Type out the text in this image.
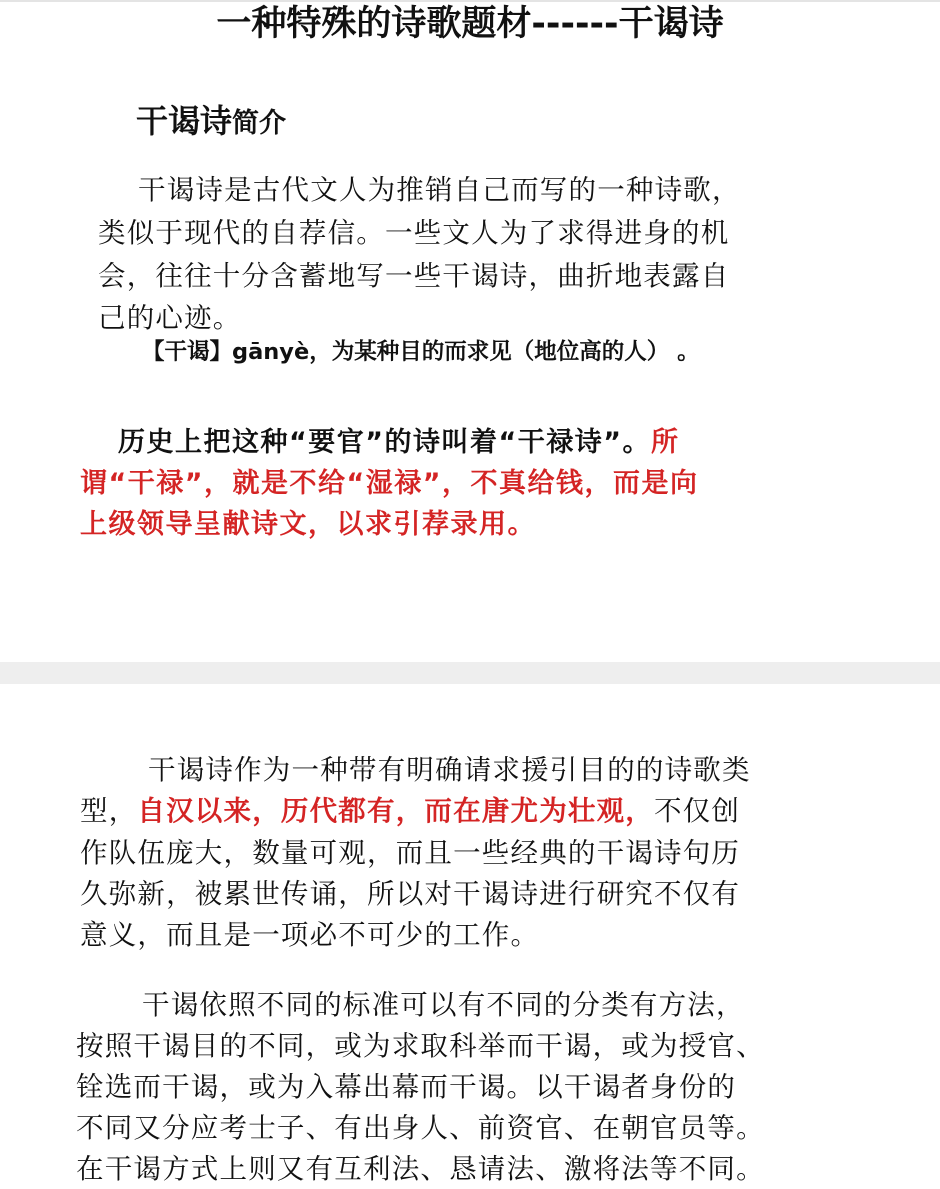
一种特殊的诗歌题材------干谒诗
干谒诗简介
干谒诗是古代文人为推销自己而写的一种诗歌，
类似于现代的自荐信。一些文人为了求得进身的机
会，往往十分含蓄地写一些干谒诗，曲折地表露自
己的心迹。
【干谒】gānyè，为某种目的而求见（地位高的人） 。
历史上把这种“要官”的诗叫着“干禄诗”。所
谓“干禄”，就是不给“湿禄”，不真给钱，而是向
上级领导呈献诗文，以求引荐录用。
干谒诗作为一种带有明确请求援引目的的诗歌类
型，自汉以来，历代都有，而在唐尤为壮观，不仅创
作队伍庞大，数量可观，而且一些经典的干谒诗句历
久弥新，被累世传诵，所以对干谒诗进行研究不仅有
意义，而且是一项必不可少的工作。
干谒依照不同的标准可以有不同的分类有方法，
按照干谒目的不同，或为求取科举而干谒，或为授官、
铨选而干谒，或为入幕出幕而干谒。以干谒者身份的
不同又分应考士子、有出身人、前资官、在朝官员等。
在干谒方式上则又有互利法、恳请法、激将法等不同。
